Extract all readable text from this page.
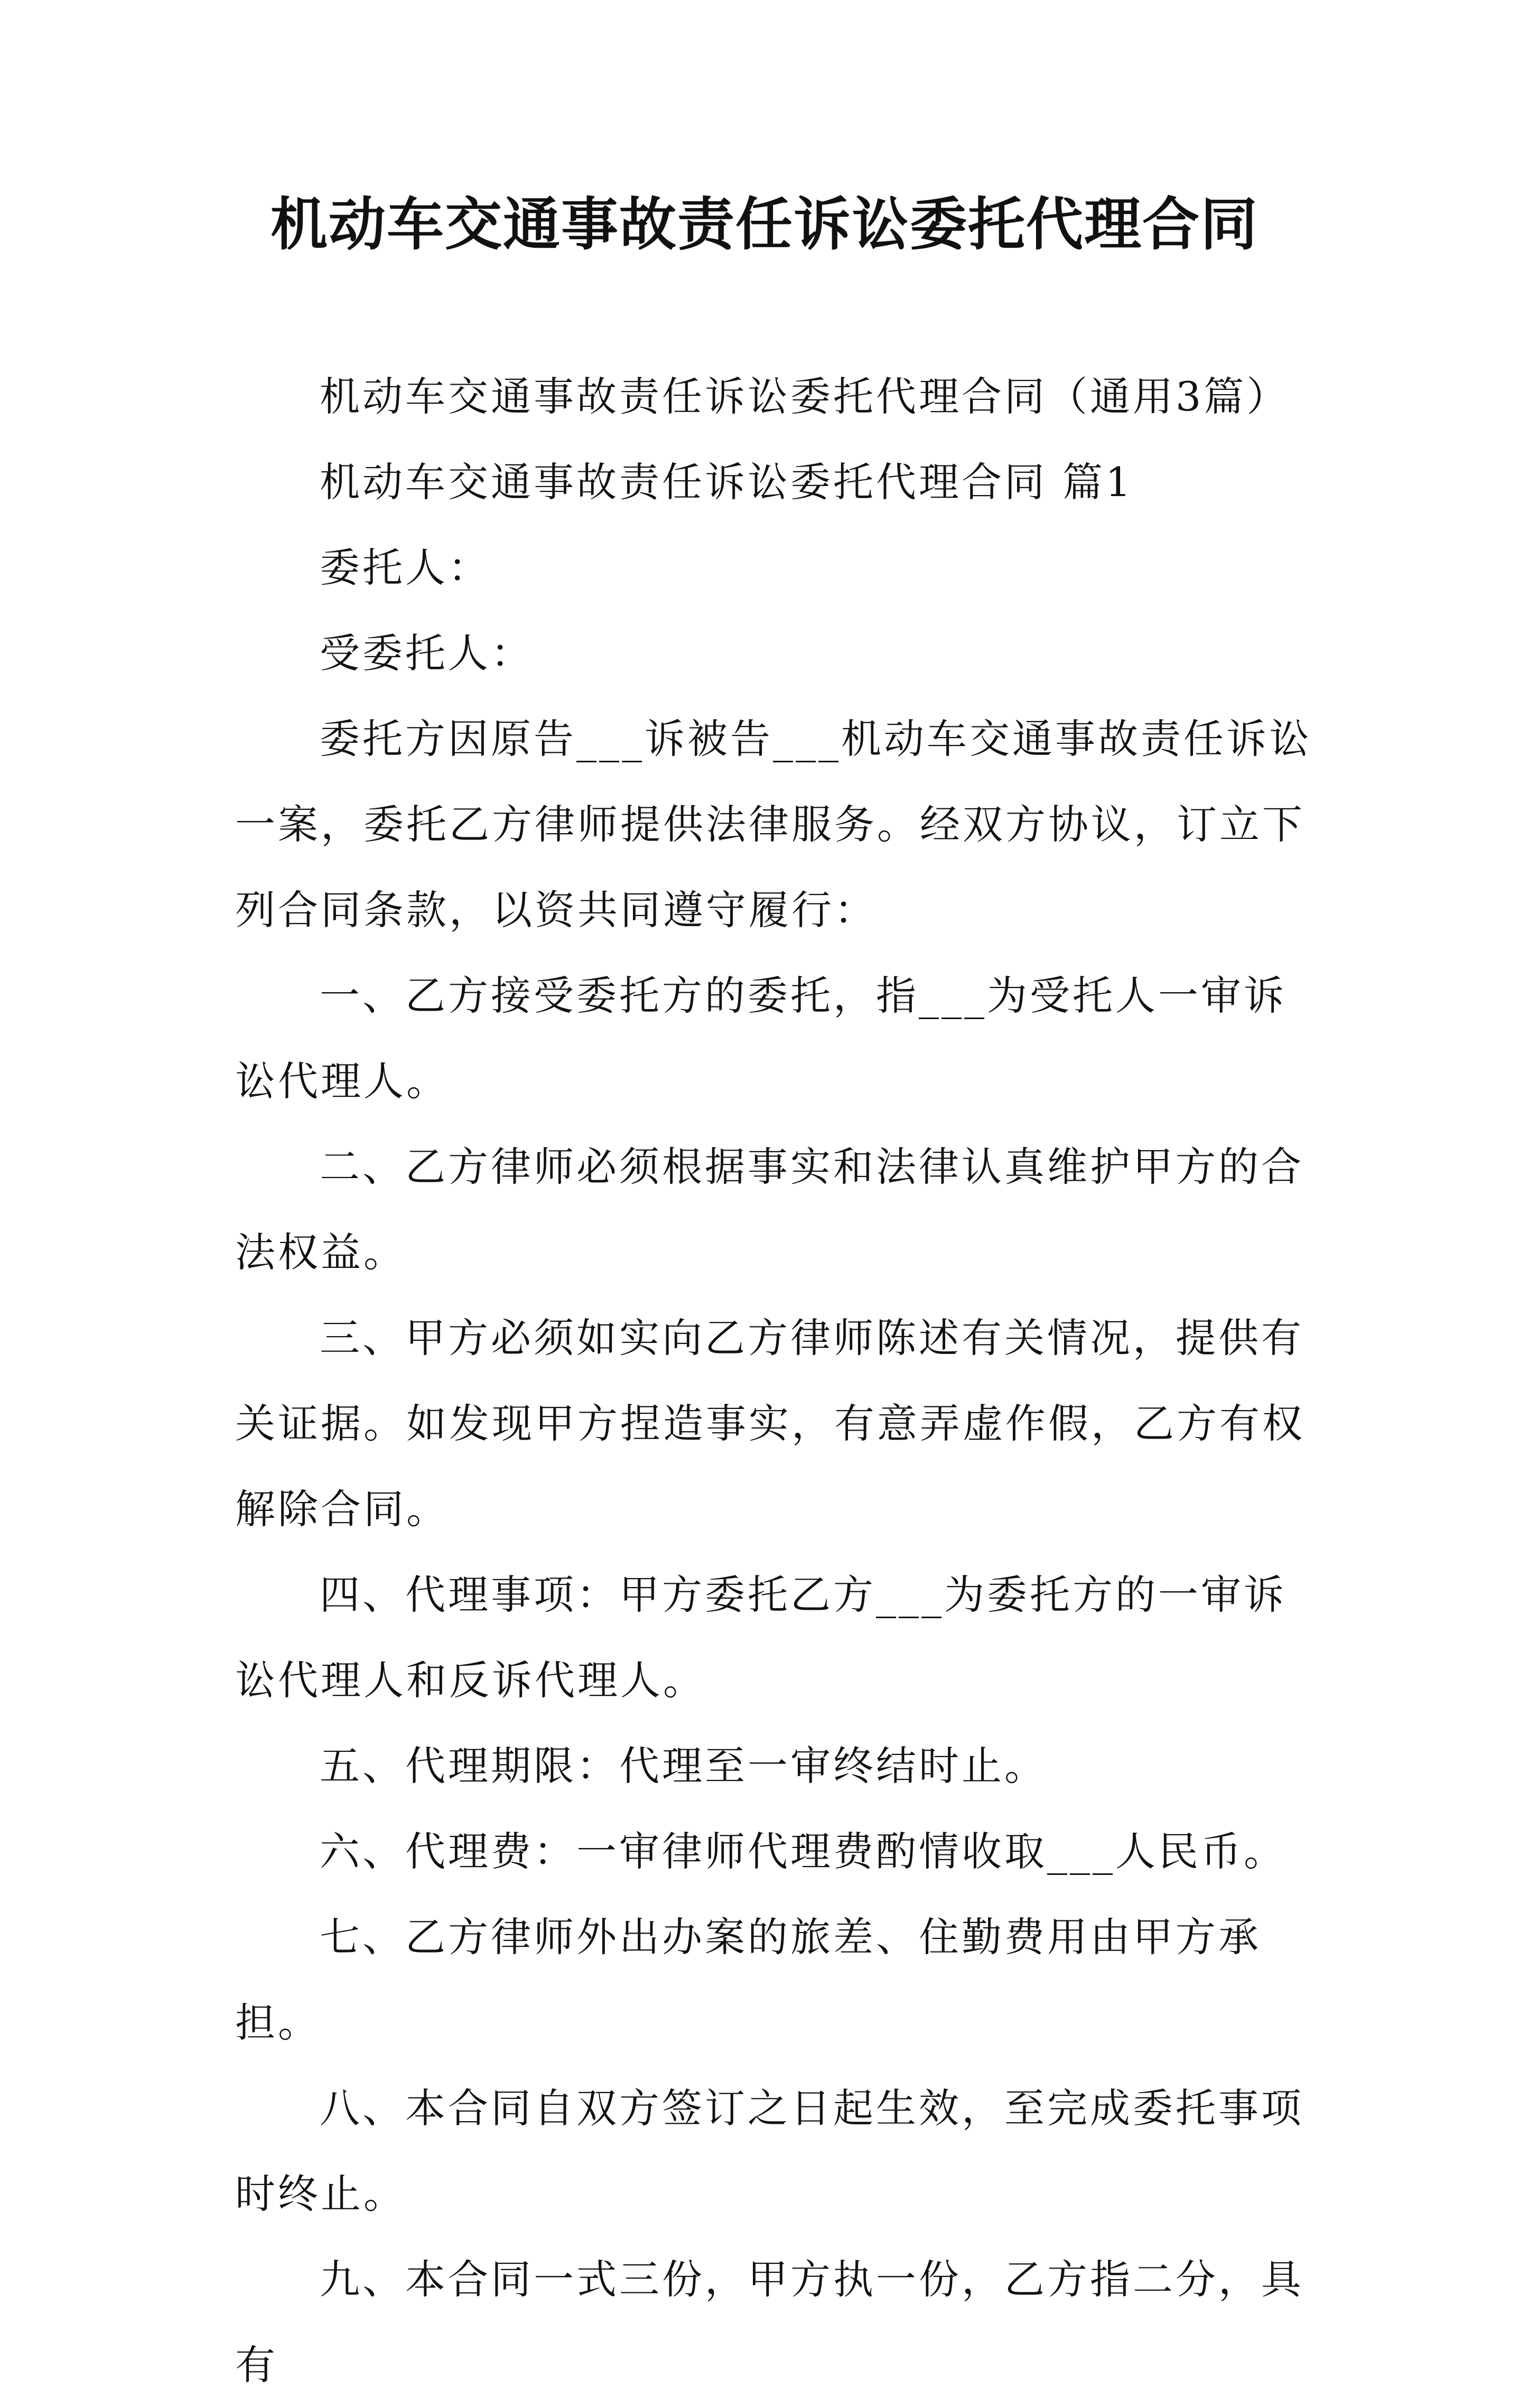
机动车交通事故责任诉讼委托代理合同

机动车交通事故责任诉讼委托代理合同（通用3篇）

机动车交通事故责任诉讼委托代理合同 篇1

委托人：

受委托人：

委托方因原告___诉被告___机动车交通事故责任诉讼一案，委托乙方律师提供法律服务。经双方协议，订立下列合同条款，以资共同遵守履行：

一、乙方接受委托方的委托，指___为受托人一审诉讼代理人。

二、乙方律师必须根据事实和法律认真维护甲方的合法权益。

三、甲方必须如实向乙方律师陈述有关情况，提供有关证据。如发现甲方捏造事实，有意弄虚作假，乙方有权解除合同。

四、代理事项：甲方委托乙方___为委托方的一审诉讼代理人和反诉代理人。

五、代理期限：代理至一审终结时止。

六、代理费：一审律师代理费酌情收取___人民币。

七、乙方律师外出办案的旅差、住勤费用由甲方承担。

八、本合同自双方签订之日起生效，至完成委托事项时终止。

九、本合同一式三份，甲方执一份，乙方指二分，具有
